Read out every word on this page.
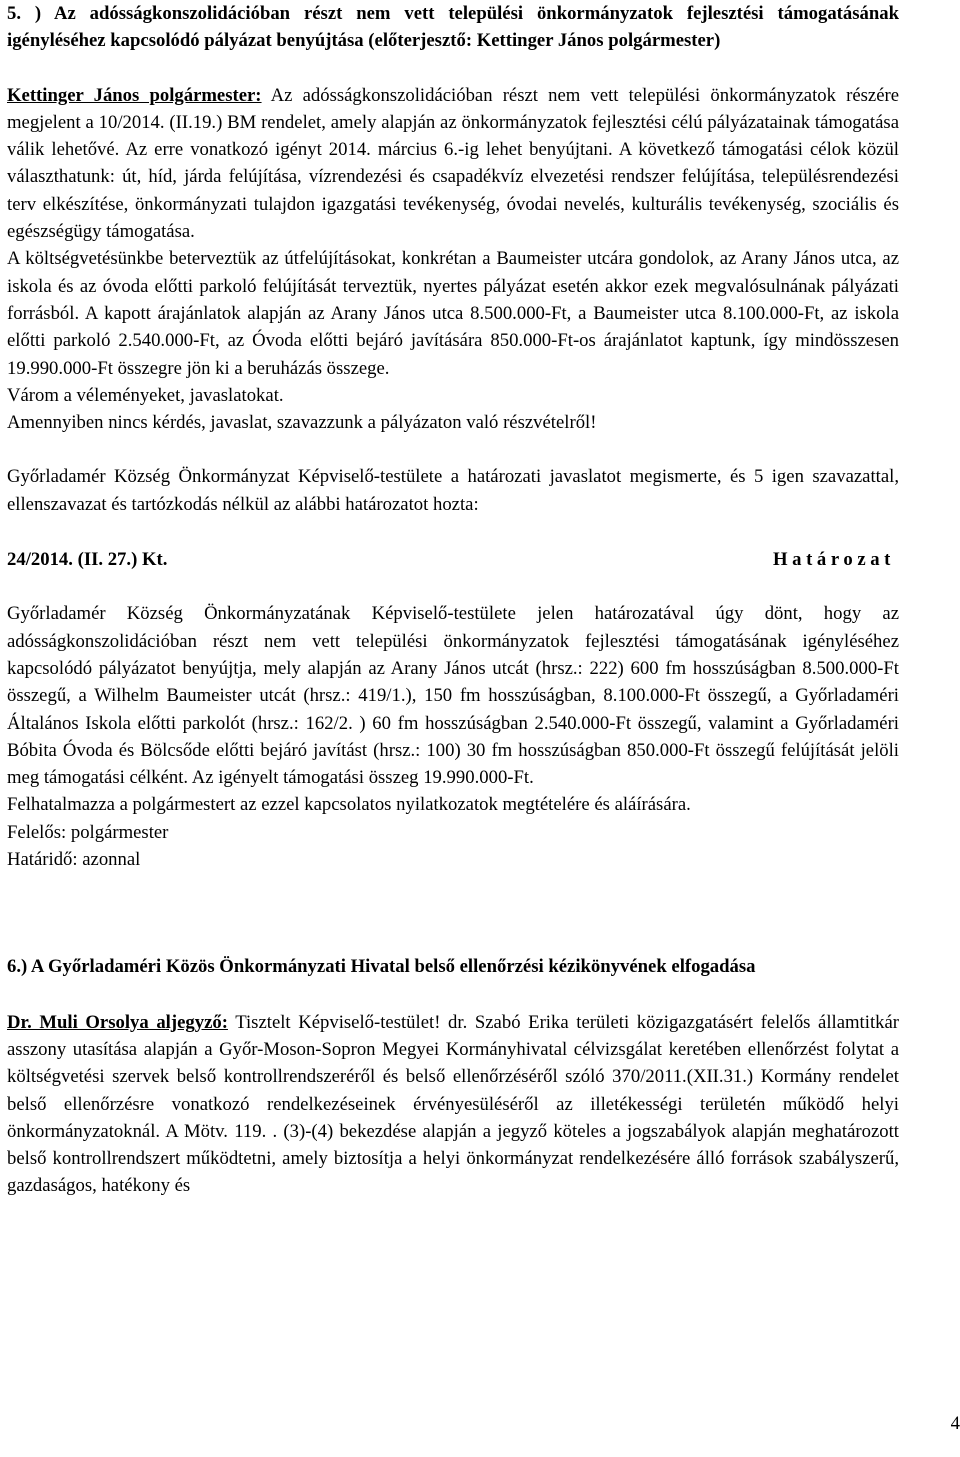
5. ) Az adósságkonszolidációban részt nem vett települési önkormányzatok fejlesztési támogatásának igényléséhez kapcsolódó pályázat benyújtása (előterjesztő: Kettinger János polgármester)

Kettinger János polgármester: Az adósságkonszolidációban részt nem vett települési önkormányzatok részére megjelent a 10/2014. (II.19.) BM rendelet, amely alapján az önkormányzatok fejlesztési célú pályázatainak támogatása válik lehetővé. Az erre vonatkozó igényt 2014. március 6.-ig lehet benyújtani. A következő támogatási célok közül választhatunk: út, híd, járda felújítása, vízrendezési és csapadékvíz elvezetési rendszer felújítása, településrendezési terv elkészítése, önkormányzati tulajdon igazgatási tevékenység, óvodai nevelés, kulturális tevékenység, szociális és egészségügy támogatása.

A költségvetésünkbe beterveztük az útfelújításokat, konkrétan a Baumeister utcára gondolok, az Arany János utca, az iskola és az óvoda előtti parkoló felújítását terveztük, nyertes pályázat esetén akkor ezek megvalósulnának pályázati forrásból. A kapott árajánlatok alapján az Arany János utca 8.500.000-Ft, a Baumeister utca 8.100.000-Ft, az iskola előtti parkoló 2.540.000-Ft, az Óvoda előtti bejáró javítására 850.000-Ft-os árajánlatot kaptunk, így mindösszesen 19.990.000-Ft összegre jön ki a beruházás összege.

Várom a véleményeket, javaslatokat.

Amennyiben nincs kérdés, javaslat, szavazzunk a pályázaton való részvételről!

Győrladamér Község Önkormányzat Képviselő-testülete a határozati javaslatot megismerte, és 5 igen szavazattal, ellenszavazat és tartózkodás nélkül az alábbi határozatot hozta:

24/2014. (II. 27.) Kt.	Határozat

Győrladamér Község Önkormányzatának Képviselő-testülete jelen határozatával úgy dönt, hogy az adósságkonszolidációban részt nem vett települési önkormányzatok fejlesztési támogatásának igényléséhez kapcsolódó pályázatot benyújtja, mely alapján az Arany János utcát (hrsz.: 222) 600 fm hosszúságban 8.500.000-Ft összegű, a Wilhelm Baumeister utcát (hrsz.: 419/1.), 150 fm hosszúságban, 8.100.000-Ft összegű, a Győrladaméri Általános Iskola előtti parkolót (hrsz.: 162/2. ) 60 fm hosszúságban 2.540.000-Ft összegű, valamint a Győrladaméri Bóbita Óvoda és Bölcsőde előtti bejáró javítást (hrsz.: 100) 30 fm hosszúságban 850.000-Ft összegű felújítását jelöli meg támogatási célként. Az igényelt támogatási összeg 19.990.000-Ft.

Felhatalmazza a polgármestert az ezzel kapcsolatos nyilatkozatok megtételére és aláírására.

Felelős: polgármester

Határidő: azonnal

6.) A Győrladaméri Közös Önkormányzati Hivatal belső ellenőrzési kézikönyvének elfogadása

Dr. Muli Orsolya aljegyző: Tisztelt Képviselő-testület! dr. Szabó Erika területi közigazgatásért felelős államtitkár asszony utasítása alapján a Győr-Moson-Sopron Megyei Kormányhivatal célvizsgálat keretében ellenőrzést folytat a költségvetési szervek belső kontrollrendszeréről és belső ellenőrzéséről szóló 370/2011.(XII.31.) Kormány rendelet belső ellenőrzésre vonatkozó rendelkezéseinek érvényesüléséről az illetékességi területén működő helyi önkormányzatoknál. A Mötv. 119. . (3)-(4) bekezdése alapján a jegyző köteles a jogszabályok alapján meghatározott belső kontrollrendszert működtetni, amely biztosítja a helyi önkormányzat rendelkezésére álló források szabályszerű, gazdaságos, hatékony és

4
